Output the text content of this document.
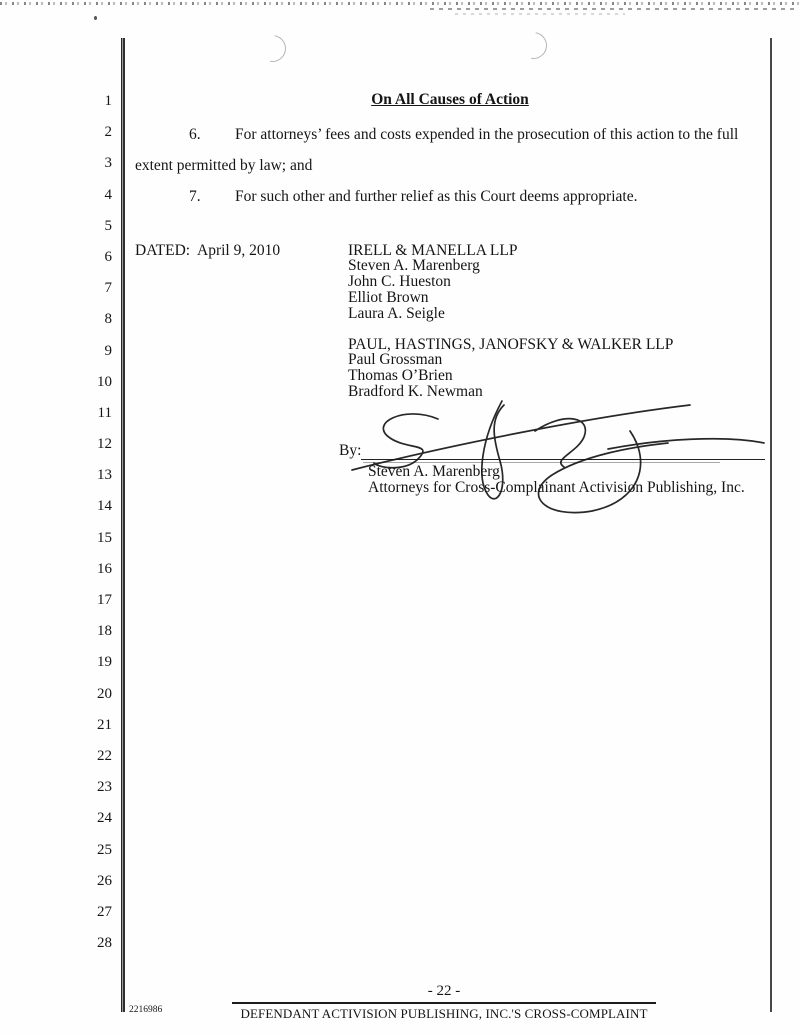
1
2
3
4
5
6
7
8
9
10
11
12
13
14
15
16
17
18
19
20
21
22
23
24
25
26
27
28
On All Causes of Action
6. For attorneys’ fees and costs expended in the prosecution of this action to the full
extent permitted by law; and
7. For such other and further relief as this Court deems appropriate.
DATED:  April 9, 2010	IRELL & MANELLA LLP
Steven A. Marenberg
John C. Hueston
Elliot Brown
Laura A. Seigle
PAUL, HASTINGS, JANOFSKY & WALKER LLP
Paul Grossman
Thomas O’Brien
Bradford K. Newman
By:
Steven A. Marenberg
Attorneys for Cross-Complainant Activision Publishing, Inc.
- 22 -
DEFENDANT ACTIVISION PUBLISHING, INC.'S CROSS-COMPLAINT
2216986
